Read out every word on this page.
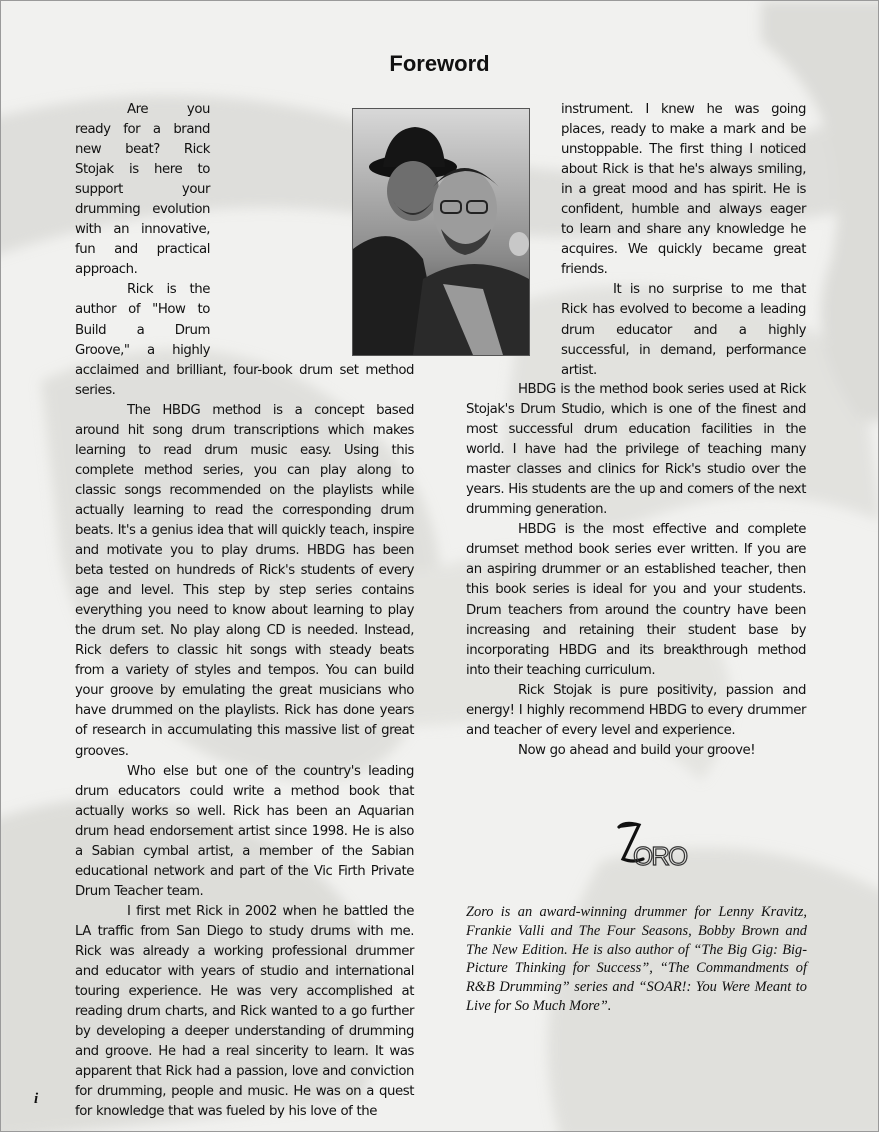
Foreword

Are you ready for a brand new beat? Rick Stojak is here to support your drumming evolution with an innovative, fun and practical approach.

Rick is the author of "How to Build a Drum Groove," a highly acclaimed and brilliant, four-book drum set method series.

The HBDG method is a concept based around hit song drum transcriptions which makes learning to read drum music easy. Using this complete method series, you can play along to classic songs recommended on the playlists while actually learning to read the corresponding drum beats. It's a genius idea that will quickly teach, inspire and motivate you to play drums. HBDG has been beta tested on hundreds of Rick's students of every age and level. This step by step series contains everything you need to know about learning to play the drum set. No play along CD is needed. Instead, Rick defers to classic hit songs with steady beats from a variety of styles and tempos. You can build your groove by emulating the great musicians who have drummed on the playlists. Rick has done years of research in accumulating this massive list of great grooves.

Who else but one of the country's leading drum educators could write a method book that actually works so well. Rick has been an Aquarian drum head endorsement artist since 1998. He is also a Sabian cymbal artist, a member of the Sabian educational network and part of the Vic Firth Private Drum Teacher team.

I first met Rick in 2002 when he battled the LA traffic from San Diego to study drums with me. Rick was already a working professional drummer and educator with years of studio and international touring experience. He was very accomplished at reading drum charts, and Rick wanted to a go further by developing a deeper understanding of drumming and groove. He had a real sincerity to learn. It was apparent that Rick had a passion, love and conviction for drumming, people and music. He was on a quest for knowledge that was fueled by his love of the

instrument. I knew he was going places, ready to make a mark and be unstoppable. The first thing I noticed about Rick is that he's always smiling, in a great mood and has spirit. He is confident, humble and always eager to learn and share any knowledge he acquires. We quickly became great friends.

It is no surprise to me that Rick has evolved to become a leading drum educator and a highly successful, in demand, performance artist.

HBDG is the method book series used at Rick Stojak's Drum Studio, which is one of the finest and most successful drum education facilities in the world. I have had the privilege of teaching many master classes and clinics for Rick's studio over the years. His students are the up and comers of the next drumming generation.

HBDG is the most effective and complete drumset method book series ever written. If you are an aspiring drummer or an established teacher, then this book series is ideal for you and your students. Drum teachers from around the country have been increasing and retaining their student base by incorporating HBDG and its breakthrough method into their teaching curriculum.

Rick Stojak is pure positivity, passion and energy! I highly recommend HBDG to every drummer and teacher of every level and experience.

Now go ahead and build your groove!

ORO

Zoro is an award-winning drummer for Lenny Kravitz, Frankie Valli and The Four Seasons, Bobby Brown and The New Edition. He is also author of “The Big Gig: Big-Picture Thinking for Success”, “The Commandments of R&B Drumming” series and “SOAR!: You Were Meant to Live for So Much More”.

i
